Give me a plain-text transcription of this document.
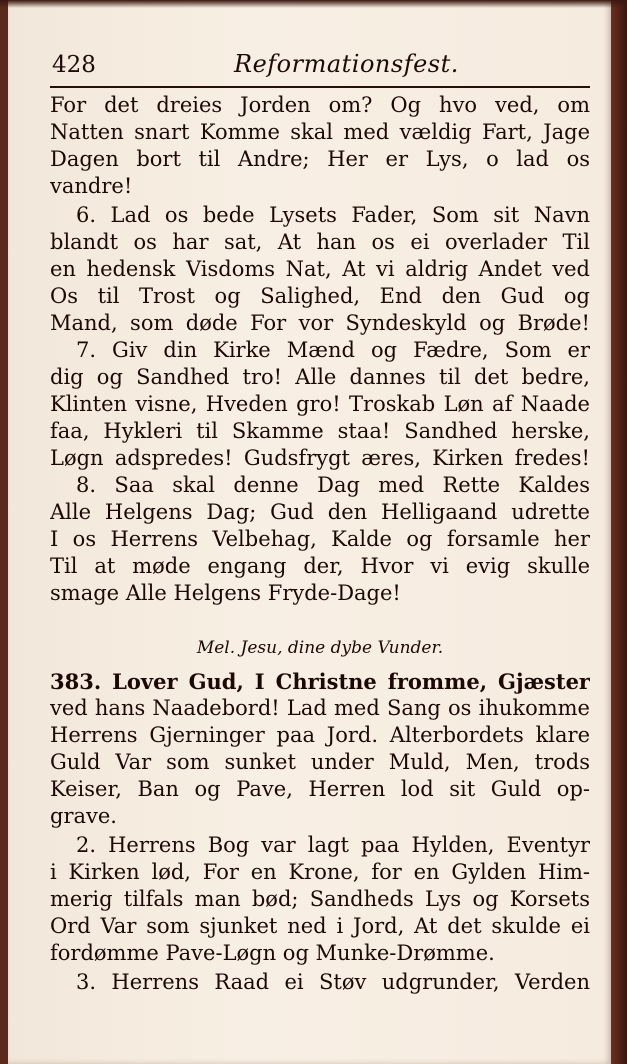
428	Reformationsfest.
For det dreies Jorden om? Og hvo ved, om
Natten snart Komme skal med vældig Fart, Jage
Dagen bort til Andre; Her er Lys, o lad os
vandre!
6. Lad os bede Lysets Fader, Som sit Navn
blandt os har sat, At han os ei overlader Til
en hedensk Visdoms Nat, At vi aldrig Andet ved
Os til Trost og Salighed, End den Gud og
Mand, som døde For vor Syndeskyld og Brøde!
7. Giv din Kirke Mænd og Fædre, Som er
dig og Sandhed tro! Alle dannes til det bedre,
Klinten visne, Hveden gro! Troskab Løn af Naade
faa, Hykleri til Skamme staa! Sandhed herske,
Løgn adspredes! Gudsfrygt æres, Kirken fredes!
8. Saa skal denne Dag med Rette Kaldes
Alle Helgens Dag; Gud den Helligaand udrette
I os Herrens Velbehag, Kalde og forsamle her
Til at møde engang der, Hvor vi evig skulle
smage Alle Helgens Fryde-Dage!
Mel. Jesu, dine dybe Vunder.
383. Lover Gud, I Christne fromme, Gjæster
ved hans Naadebord! Lad med Sang os ihukomme
Herrens Gjerninger paa Jord. Alterbordets klare
Guld Var som sunket under Muld, Men, trods
Keiser, Ban og Pave, Herren lod sit Guld op-
grave.
2. Herrens Bog var lagt paa Hylden, Eventyr
i Kirken lød, For en Krone, for en Gylden Him-
merig tilfals man bød; Sandheds Lys og Korsets
Ord Var som sjunket ned i Jord, At det skulde ei
fordømme Pave-Løgn og Munke-Drømme.
3. Herrens Raad ei Støv udgrunder, Verden
